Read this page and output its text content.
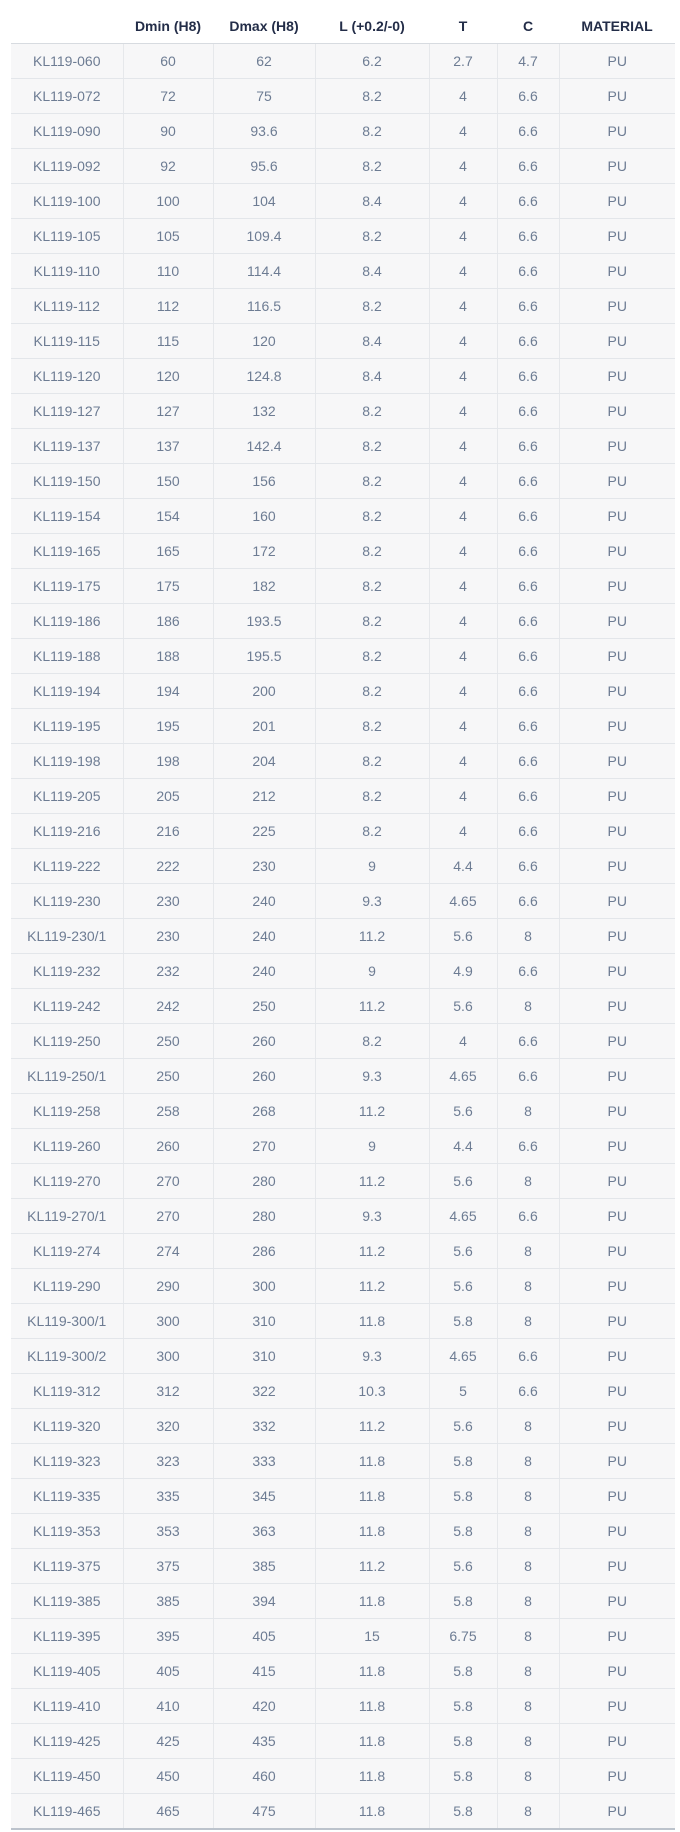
	Dmin (H8)	Dmax (H8)	L (+0.2/-0)	T	C	MATERIAL
KL119-060	60	62	6.2	2.7	4.7	PU
KL119-072	72	75	8.2	4	6.6	PU
KL119-090	90	93.6	8.2	4	6.6	PU
KL119-092	92	95.6	8.2	4	6.6	PU
KL119-100	100	104	8.4	4	6.6	PU
KL119-105	105	109.4	8.2	4	6.6	PU
KL119-110	110	114.4	8.4	4	6.6	PU
KL119-112	112	116.5	8.2	4	6.6	PU
KL119-115	115	120	8.4	4	6.6	PU
KL119-120	120	124.8	8.4	4	6.6	PU
KL119-127	127	132	8.2	4	6.6	PU
KL119-137	137	142.4	8.2	4	6.6	PU
KL119-150	150	156	8.2	4	6.6	PU
KL119-154	154	160	8.2	4	6.6	PU
KL119-165	165	172	8.2	4	6.6	PU
KL119-175	175	182	8.2	4	6.6	PU
KL119-186	186	193.5	8.2	4	6.6	PU
KL119-188	188	195.5	8.2	4	6.6	PU
KL119-194	194	200	8.2	4	6.6	PU
KL119-195	195	201	8.2	4	6.6	PU
KL119-198	198	204	8.2	4	6.6	PU
KL119-205	205	212	8.2	4	6.6	PU
KL119-216	216	225	8.2	4	6.6	PU
KL119-222	222	230	9	4.4	6.6	PU
KL119-230	230	240	9.3	4.65	6.6	PU
KL119-230/1	230	240	11.2	5.6	8	PU
KL119-232	232	240	9	4.9	6.6	PU
KL119-242	242	250	11.2	5.6	8	PU
KL119-250	250	260	8.2	4	6.6	PU
KL119-250/1	250	260	9.3	4.65	6.6	PU
KL119-258	258	268	11.2	5.6	8	PU
KL119-260	260	270	9	4.4	6.6	PU
KL119-270	270	280	11.2	5.6	8	PU
KL119-270/1	270	280	9.3	4.65	6.6	PU
KL119-274	274	286	11.2	5.6	8	PU
KL119-290	290	300	11.2	5.6	8	PU
KL119-300/1	300	310	11.8	5.8	8	PU
KL119-300/2	300	310	9.3	4.65	6.6	PU
KL119-312	312	322	10.3	5	6.6	PU
KL119-320	320	332	11.2	5.6	8	PU
KL119-323	323	333	11.8	5.8	8	PU
KL119-335	335	345	11.8	5.8	8	PU
KL119-353	353	363	11.8	5.8	8	PU
KL119-375	375	385	11.2	5.6	8	PU
KL119-385	385	394	11.8	5.8	8	PU
KL119-395	395	405	15	6.75	8	PU
KL119-405	405	415	11.8	5.8	8	PU
KL119-410	410	420	11.8	5.8	8	PU
KL119-425	425	435	11.8	5.8	8	PU
KL119-450	450	460	11.8	5.8	8	PU
KL119-465	465	475	11.8	5.8	8	PU
